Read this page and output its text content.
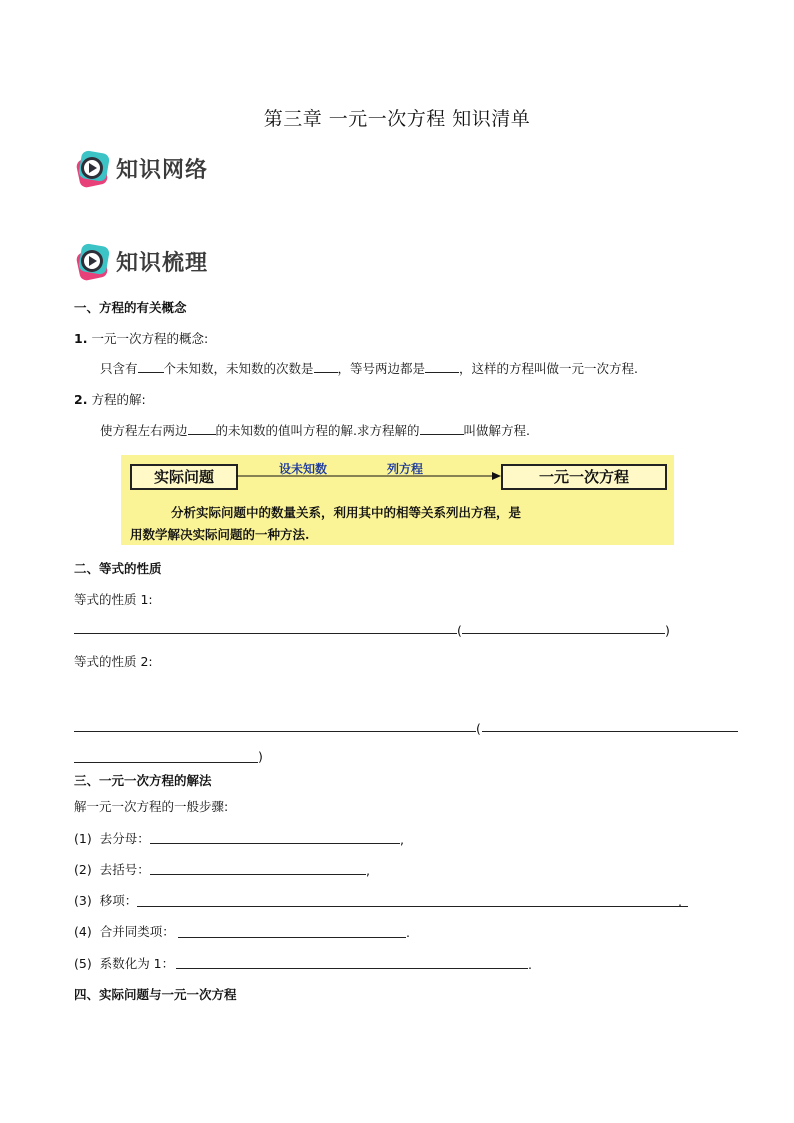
第三章 一元一次方程 知识清单
知识网络
知识梳理
一、方程的有关概念
1. 一元一次方程的概念:
只含有 个未知数，未知数的次数是 ，等号两边都是	，这样的方程叫做一元一次方程.
2. 方程的解:
使方程左右两边 的未知数的值叫方程的解.求方程解的	叫做解方程.
实际问题	设未知数	列方程	一元一次方程
分析实际问题中的数量关系，利用其中的相等关系列出方程，是
用数学解决实际问题的一种方法.
二、等式的性质
等式的性质 1:
(	)
等式的性质 2:
(
)
三、一元一次方程的解法
解一元一次方程的一般步骤:
(1) 去分母：	,
(2) 去括号：	,
(3) 移项：	.
(4) 合并同类项：	.
(5) 系数化为 1：	.
四、实际问题与一元一次方程
